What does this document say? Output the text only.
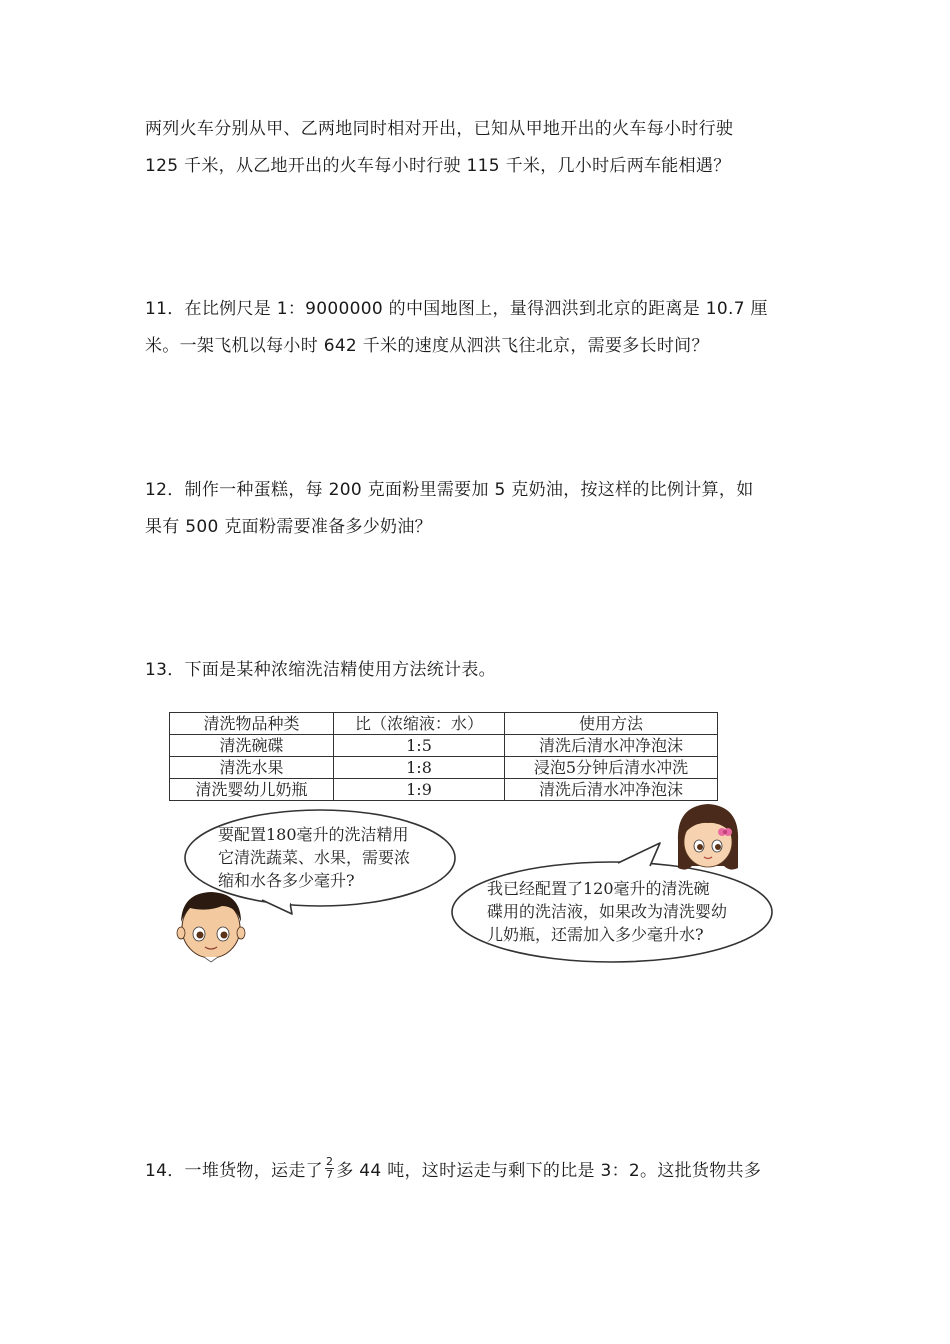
两列火车分别从甲、乙两地同时相对开出，已知从甲地开出的火车每小时行驶
125 千米，从乙地开出的火车每小时行驶 115 千米，几小时后两车能相遇？
11．在比例尺是 1：9000000 的中国地图上，量得泗洪到北京的距离是 10.7 厘
米。一架飞机以每小时 642 千米的速度从泗洪飞往北京，需要多长时间？
12．制作一种蛋糕，每 200 克面粉里需要加 5 克奶油，按这样的比例计算，如
果有 500 克面粉需要准备多少奶油？
13．下面是某种浓缩洗洁精使用方法统计表。
清洗物品种类	比（浓缩液：水）	使用方法
清洗碗碟	1:5	清洗后清水冲净泡沫
清洗水果	1:8	浸泡5分钟后清水冲洗
清洗婴幼儿奶瓶	1:9	清洗后清水冲净泡沫
要配置180毫升的洗洁精用
它清洗蔬菜、水果，需要浓
缩和水各多少毫升?	我已经配置了120毫升的清洗碗
碟用的洗洁液，如果改为清洗婴幼
儿奶瓶，还需加入多少毫升水?
14．一堆货物，运走了 $\frac{2}{7}$ 多 44 吨，这时运走与剩下的比是 3：2。这批货物共多
